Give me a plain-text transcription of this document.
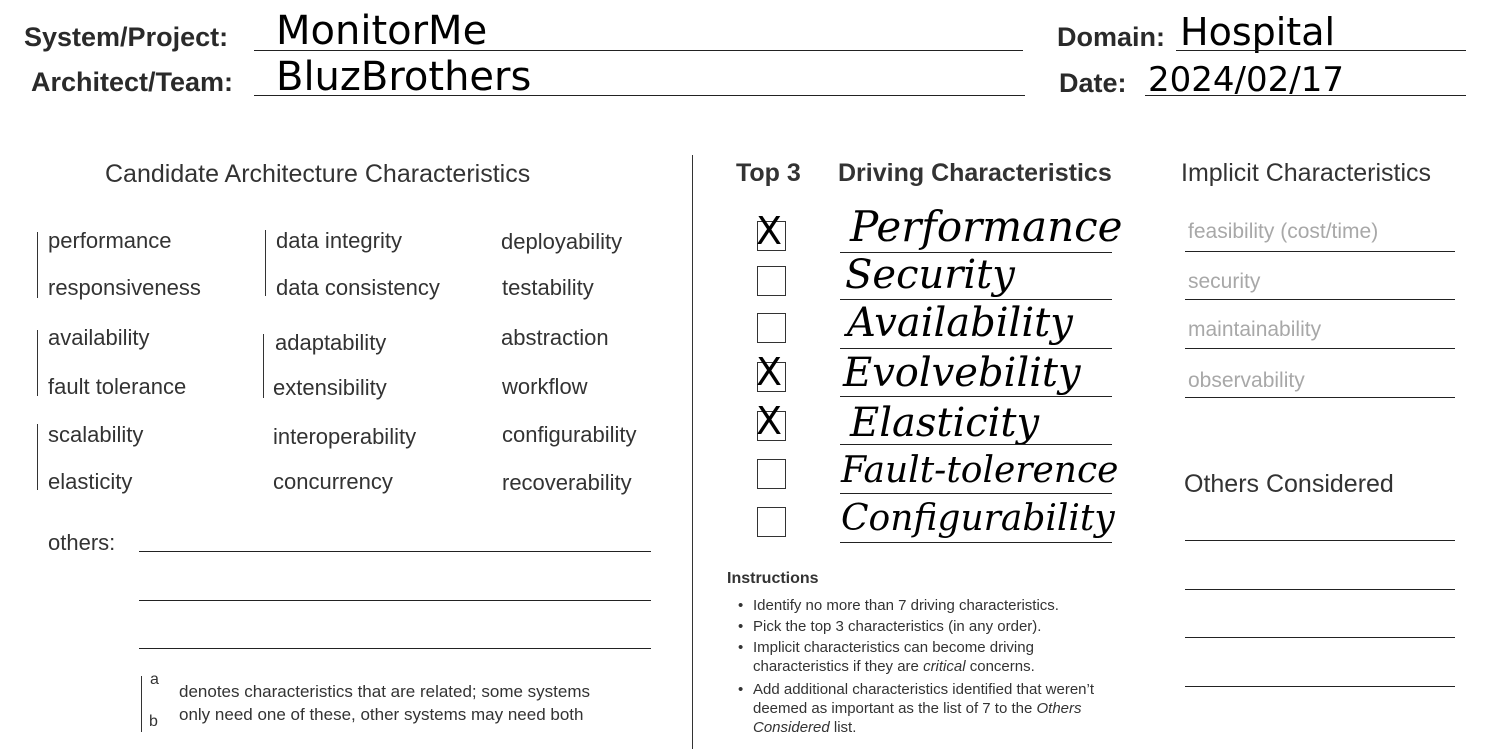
System/Project: MonitorMe
Architect/Team: BluzBrothers
Domain: Hospital
Date: 2024/02/17
Candidate Architecture Characteristics
performance
responsiveness
availability
fault tolerance
scalability
elasticity
data integrity
data consistency
adaptability
extensibility
interoperability
concurrency
deployability
testability
abstraction
workflow
configurability
recoverability
others:
a
b
denotes characteristics that are related; some systems
only need one of these, other systems may need both
Top 3 Driving Characteristics
X Performance
Security
Availability
X Evolvebility
X Elasticity
Fault-tolerence
Configurability
Instructions
• Identify no more than 7 driving characteristics.
• Pick the top 3 characteristics (in any order).
• Implicit characteristics can become driving
characteristics if they are critical concerns.
• Add additional characteristics identified that weren’t
deemed as important as the list of 7 to the Others
Considered list.
Implicit Characteristics
feasibility (cost/time)
security
maintainability
observability
Others Considered
